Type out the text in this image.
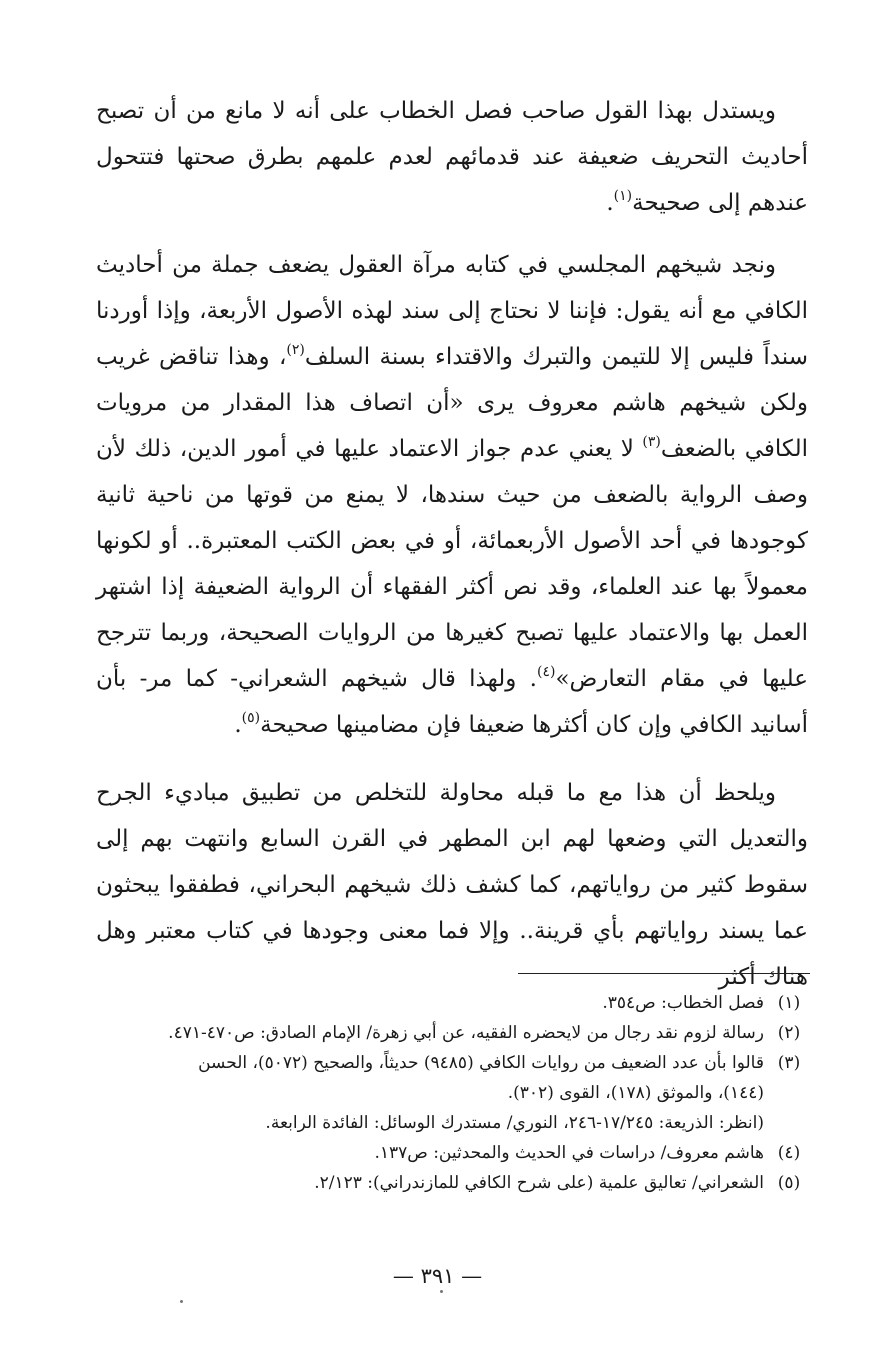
ويستدل بهذا القول صاحب فصل الخطاب على أنه لا مانع من أن تصبح أحاديث التحريف ضعيفة عند قدمائهم لعدم علمهم بطرق صحتها فتتحول عندهم إلى صحيحة$^{(١)}$.

ونجد شيخهم المجلسي في كتابه مرآة العقول يضعف جملة من أحاديث الكافي مع أنه يقول: فإننا لا نحتاج إلى سند لهذه الأصول الأربعة، وإذا أوردنا سنداً فليس إلا للتيمن والتبرك والاقتداء بسنة السلف$^{(٢)}$، وهذا تناقض غريب ولكن شيخهم هاشم معروف يرى «أن اتصاف هذا المقدار من مرويات الكافي بالضعف$^{(٣)}$ لا يعني عدم جواز الاعتماد عليها في أمور الدين، ذلك لأن وصف الرواية بالضعف من حيث سندها، لا يمنع من قوتها من ناحية ثانية كوجودها في أحد الأصول الأربعمائة، أو في بعض الكتب المعتبرة.. أو لكونها معمولاً بها عند العلماء، وقد نص أكثر الفقهاء أن الرواية الضعيفة إذا اشتهر العمل بها والاعتماد عليها تصبح كغيرها من الروايات الصحيحة، وربما تترجح عليها في مقام التعارض»$^{(٤)}$. ولهذا قال شيخهم الشعراني- كما مر- بأن أسانيد الكافي وإن كان أكثرها ضعيفا فإن مضامينها صحيحة$^{(٥)}$.

ويلحظ أن هذا مع ما قبله محاولة للتخلص من تطبيق مباديء الجرح والتعديل التي وضعها لهم ابن المطهر في القرن السابع وانتهت بهم إلى سقوط كثير من رواياتهم، كما كشف ذلك شيخهم البحراني، فطفقوا يبحثون عما يسند رواياتهم بأي قرينة.. وإلا فما معنى وجودها في كتاب معتبر وهل هناك أكثر

(١)
فصل الخطاب: ص٣٥٤.
(٢)
رسالة لزوم نقد رجال من لايحضره الفقيه، عن أبي زهرة/ الإمام الصادق: ص٤٧٠-٤٧١.
(٣)
قالوا بأن عدد الضعيف من روايات الكافي (٩٤٨٥) حديثاً، والصحيح (٥٠٧٢)، الحسن
(١٤٤)، والموثق (١٧٨)، القوى (٣٠٢).
(انظر: الذريعة: ١٧/٢٤٥-٢٤٦، النوري/ مستدرك الوسائل: الفائدة الرابعة.
(٤)
هاشم معروف/ دراسات في الحديث والمحدثين: ص١٣٧.
(٥)
الشعراني/ تعاليق علمية (على شرح الكافي للمازندراني): ٢/١٢٣.
— ٣٩١ —
